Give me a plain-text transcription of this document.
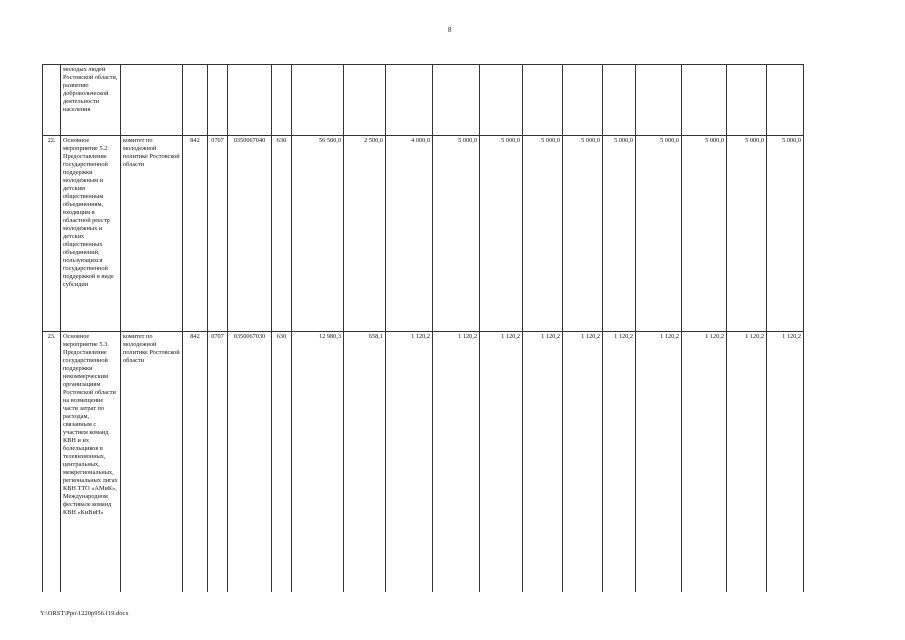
8
	молодых людей Ростовской области, развитию добровольческой деятельности населения																	
22.	Основное мероприятие 5.2. Предоставление государственной поддержки молодежным и детским общественным объединениям, входящим в областной реестр молодежных и детских общественных объединений, пользующихся государственной поддержкой в виде субсидии	комитет по молодежной политике Ростовской области	842	0707	0350067040	630	56 500,0	2 500,0	4 000,0	5 000,0	5 000,0	5 000,0	5 000,0	5 000,0	5 000,0	5 000,0	5 000,0	5 000,0
23.	Основное мероприятие 5.3. Предоставление государственной поддержки некоммерческим организациям Ростовской области на возмещение части затрат по расходам, связанным с участием команд КВН и их болельщиков в телевизионных, центральных, межрегиональных, региональных лигах КВН ТТО «АМиК», Международном фестивале команд КВН «КиВиН»	комитет по молодежной политике Ростовской области	842	0707	0350067030	630	12 980,3	658,1	1 120,2	1 120,2	1 120,2	1 120,2	1 120,2	1 120,2	1 120,2	1 120,2	1 120,2	1 120,2
Y:\ORST\Ppo\1220p956.f19.docx
